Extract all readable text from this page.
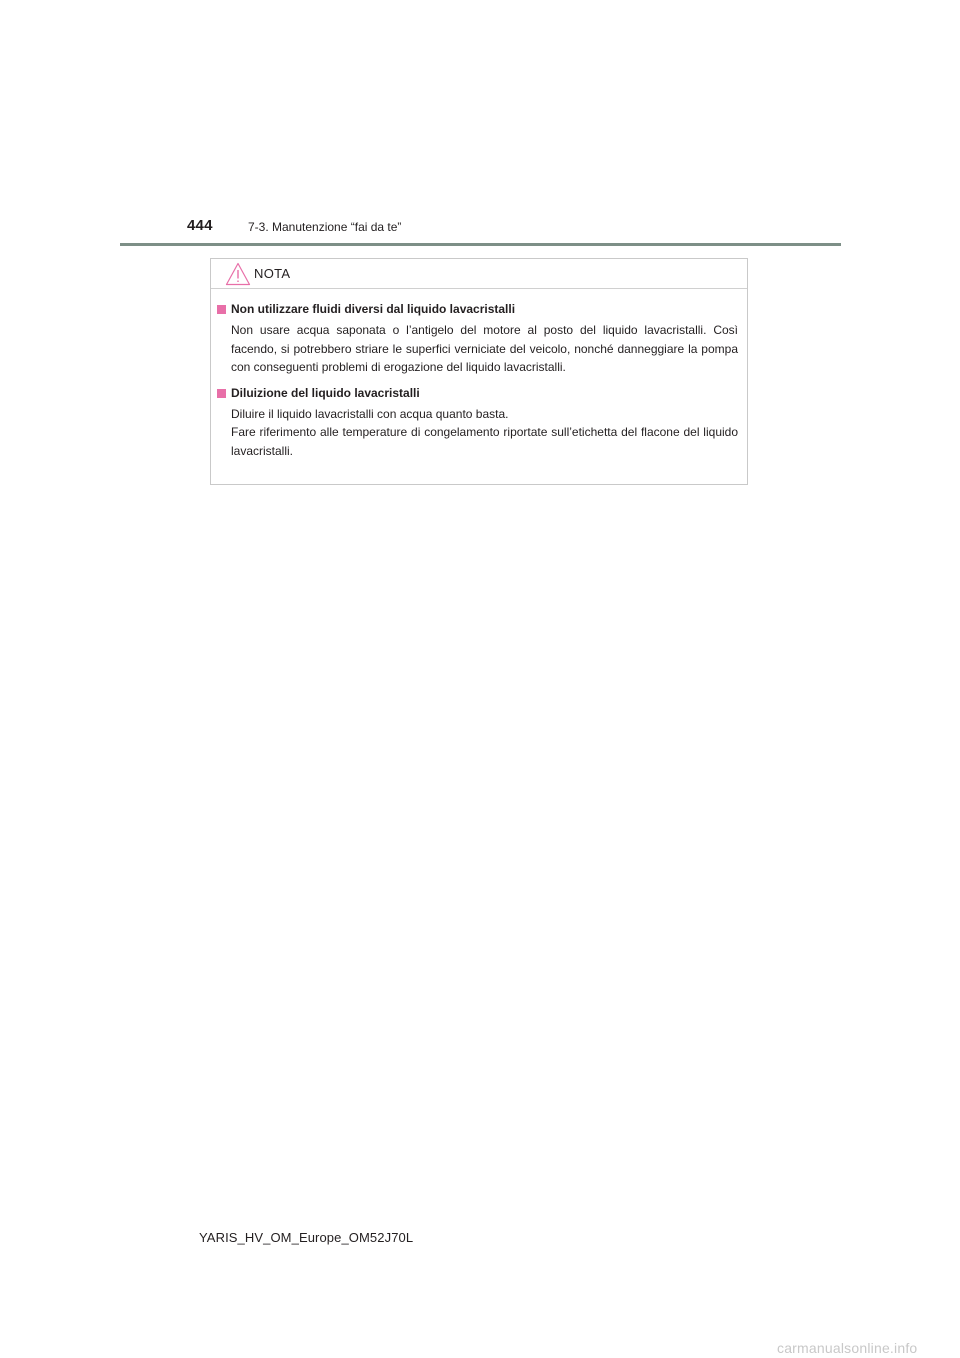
444	7-3. Manutenzione “fai da te”
NOTA
Non utilizzare fluidi diversi dal liquido lavacristalli

Non usare acqua saponata o l’antigelo del motore al posto del liquido lavacristalli. Così facendo, si potrebbero striare le superfici verniciate del veicolo, nonché danneggiare la pompa con conseguenti problemi di erogazione del liquido lavacristalli.

Diluizione del liquido lavacristalli

Diluire il liquido lavacristalli con acqua quanto basta.

Fare riferimento alle temperature di congelamento riportate sull’etichetta del flacone del liquido lavacristalli.

YARIS_HV_OM_Europe_OM52J70L
carmanualsonline.info
